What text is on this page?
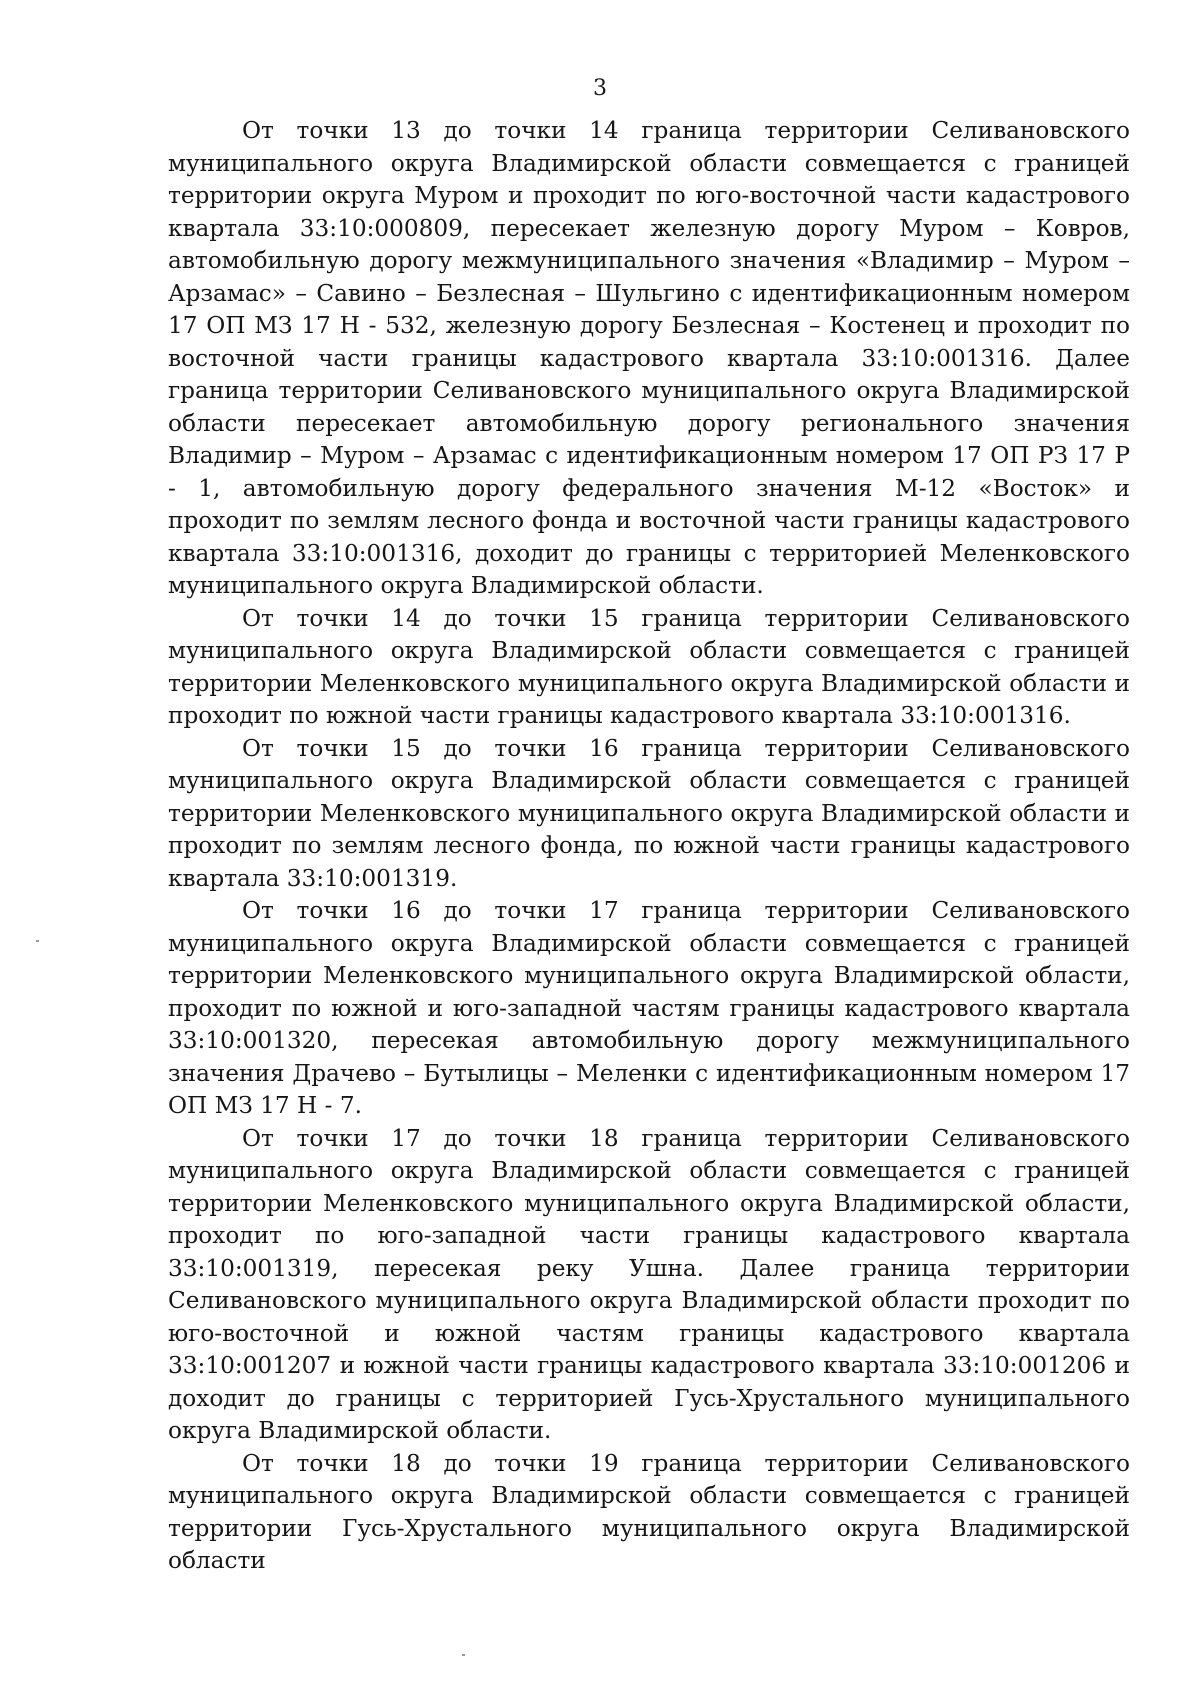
3

От точки 13 до точки 14 граница территории Селивановского муниципального округа Владимирской области совмещается с границей территории округа Муром и проходит по юго-восточной части кадастрового квартала 33:10:000809, пересекает железную дорогу Муром – Ковров, автомобильную дорогу межмуниципального значения «Владимир – Муром – Арзамас» – Савино – Безлесная – Шульгино с идентификационным номером 17 ОП МЗ 17 Н - 532, железную дорогу Безлесная – Костенец и проходит по восточной части границы кадастрового квартала 33:10:001316. Далее граница территории Селивановского муниципального округа Владимирской области пересекает автомобильную дорогу регионального значения Владимир – Муром – Арзамас с идентификационным номером 17 ОП РЗ 17 Р - 1, автомобильную дорогу федерального значения М-12 «Восток» и проходит по землям лесного фонда и восточной части границы кадастрового квартала 33:10:001316, доходит до границы с территорией Меленковского муниципального округа Владимирской области.

От точки 14 до точки 15 граница территории Селивановского муниципального округа Владимирской области совмещается с границей территории Меленковского муниципального округа Владимирской области и проходит по южной части границы кадастрового квартала 33:10:001316.

От точки 15 до точки 16 граница территории Селивановского муниципального округа Владимирской области совмещается с границей территории Меленковского муниципального округа Владимирской области и проходит по землям лесного фонда, по южной части границы кадастрового квартала 33:10:001319.

От точки 16 до точки 17 граница территории Селивановского муниципального округа Владимирской области совмещается с границей территории Меленковского муниципального округа Владимирской области, проходит по южной и юго-западной частям границы кадастрового квартала 33:10:001320, пересекая автомобильную дорогу межмуниципального значения Драчево – Бутылицы – Меленки с идентификационным номером 17 ОП МЗ 17 Н - 7.

От точки 17 до точки 18 граница территории Селивановского муниципального округа Владимирской области совмещается с границей территории Меленковского муниципального округа Владимирской области, проходит по юго-западной части границы кадастрового квартала 33:10:001319, пересекая реку Ушна. Далее граница территории Селивановского муниципального округа Владимирской области проходит по юго-восточной и южной частям границы кадастрового квартала 33:10:001207 и южной части границы кадастрового квартала 33:10:001206 и доходит до границы с территорией Гусь-Хрустального муниципального округа Владимирской области.

От точки 18 до точки 19 граница территории Селивановского муниципального округа Владимирской области совмещается с границей территории Гусь-Хрустального муниципального округа Владимирской области
